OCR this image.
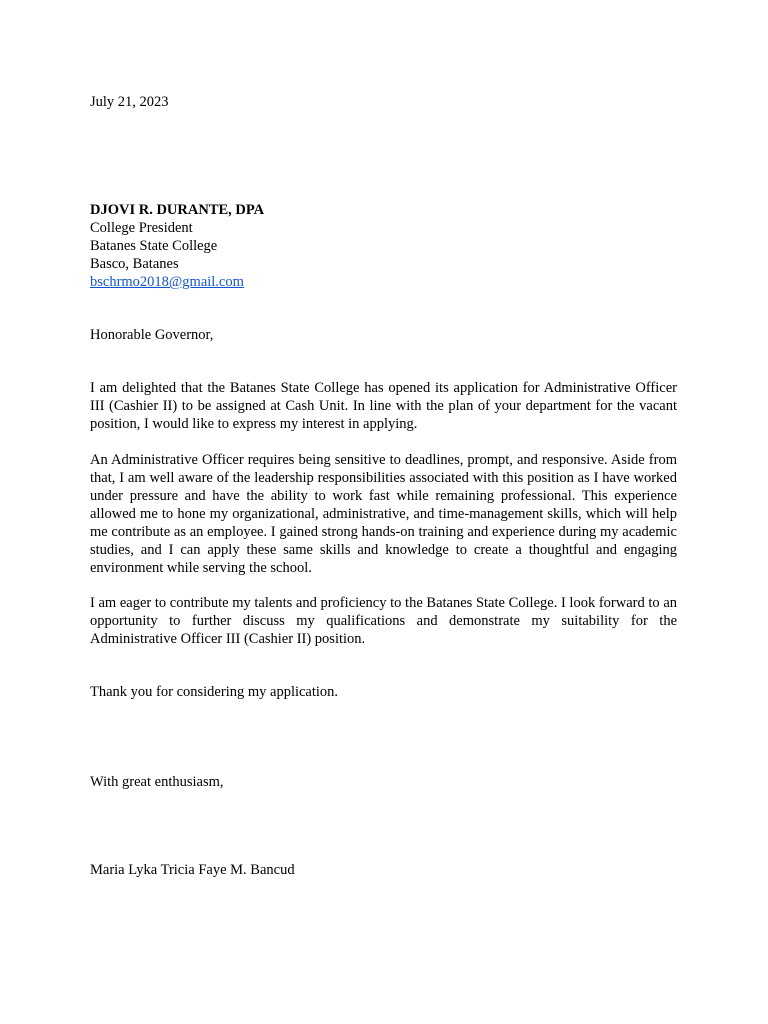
July 21, 2023
DJOVI R. DURANTE, DPA
College President
Batanes State College
Basco, Batanes
bschrmo2018@gmail.com
Honorable Governor,
I am delighted that the Batanes State College has opened its application for Administrative Officer III (Cashier II) to be assigned at Cash Unit. In line with the plan of your department for the vacant position, I would like to express my interest in applying.
An Administrative Officer requires being sensitive to deadlines, prompt, and responsive. Aside from that, I am well aware of the leadership responsibilities associated with this position as I have worked under pressure and have the ability to work fast while remaining professional. This experience allowed me to hone my organizational, administrative, and time-management skills, which will help me contribute as an employee. I gained strong hands-on training and experience during my academic studies, and I can apply these same skills and knowledge to create a thoughtful and engaging environment while serving the school.
I am eager to contribute my talents and proficiency to the Batanes State College. I look forward to an opportunity to further discuss my qualifications and demonstrate my suitability for the Administrative Officer III (Cashier II) position.
Thank you for considering my application.
With great enthusiasm,
Maria Lyka Tricia Faye M. Bancud
